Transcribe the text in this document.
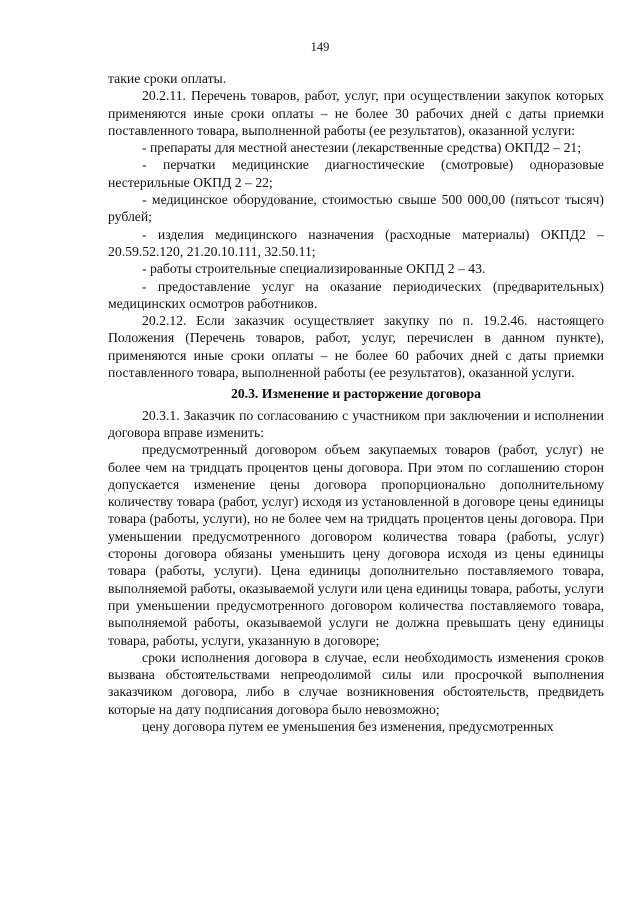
149

такие сроки оплаты.

20.2.11. Перечень товаров, работ, услуг, при осуществлении закупок которых применяются иные сроки оплаты – не более 30 рабочих дней с даты приемки поставленного товара, выполненной работы (ее результатов), оказанной услуги:

- препараты для местной анестезии (лекарственные средства) ОКПД2 – 21;

- перчатки медицинские диагностические (смотровые) одноразовые нестерильные ОКПД 2 – 22;

- медицинское оборудование, стоимостью свыше 500 000,00 (пятьсот тысяч) рублей;

- изделия медицинского назначения (расходные материалы) ОКПД2 – 20.59.52.120, 21.20.10.111, 32.50.11;

- работы строительные специализированные ОКПД 2 – 43.

- предоставление услуг на оказание периодических (предварительных) медицинских осмотров работников.

20.2.12. Если заказчик осуществляет закупку по п. 19.2.46. настоящего Положения (Перечень товаров, работ, услуг, перечислен в данном пункте), применяются иные сроки оплаты – не более 60 рабочих дней с даты приемки поставленного товара, выполненной работы (ее результатов), оказанной услуги.

20.3. Изменение и расторжение договора

20.3.1. Заказчик по согласованию с участником при заключении и исполнении договора вправе изменить:

предусмотренный договором объем закупаемых товаров (работ, услуг) не более чем на тридцать процентов цены договора. При этом по соглашению сторон допускается изменение цены договора пропорционально дополнительному количеству товара (работ, услуг) исходя из установленной в договоре цены единицы товара (работы, услуги), но не более чем на тридцать процентов цены договора. При уменьшении предусмотренного договором количества товара (работы, услуг) стороны договора обязаны уменьшить цену договора исходя из цены единицы товара (работы, услуги). Цена единицы дополнительно поставляемого товара, выполняемой работы, оказываемой услуги или цена единицы товара, работы, услуги при уменьшении предусмотренного договором количества поставляемого товара, выполняемой работы, оказываемой услуги не должна превышать цену единицы товара, работы, услуги, указанную в договоре;

сроки исполнения договора в случае, если необходимость изменения сроков вызвана обстоятельствами непреодолимой силы или просрочкой выполнения заказчиком договора, либо в случае возникновения обстоятельств, предвидеть которые на дату подписания договора было невозможно;

цену договора путем ее уменьшения без изменения, предусмотренных
